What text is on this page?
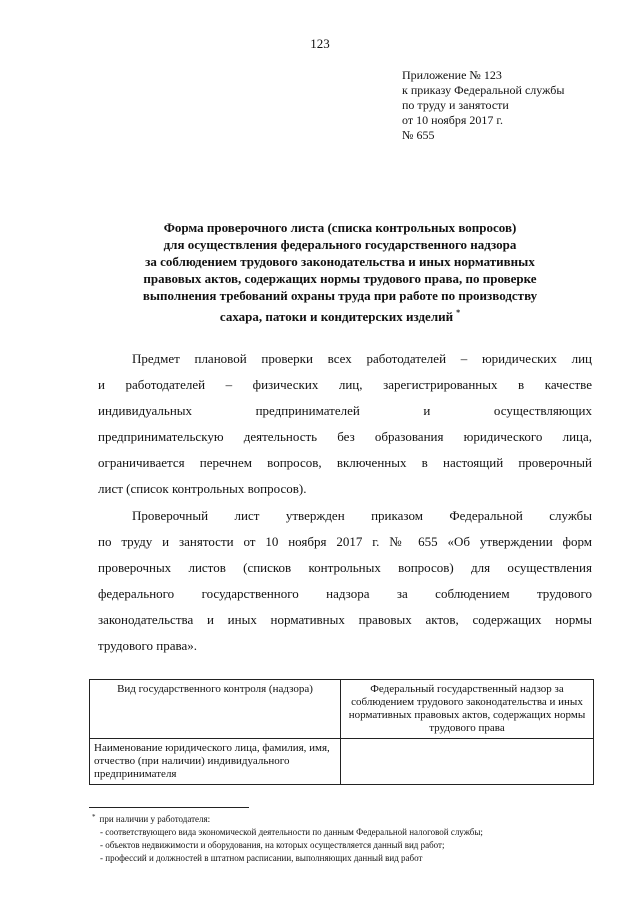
123
Приложение № 123
к приказу Федеральной службы
по труду и занятости
от 10 ноября 2017 г.
№ 655
Форма проверочного листа (списка контрольных вопросов)
для осуществления федерального государственного надзора
за соблюдением трудового законодательства и иных нормативных
правовых актов, содержащих нормы трудового права, по проверке
выполнения требований охраны труда при работе по производству
сахара, патоки и кондитерских изделий *
Предмет плановой проверки всех работодателей – юридических лиц
и работодателей – физических лиц, зарегистрированных в качестве
индивидуальных предпринимателей и осуществляющих
предпринимательскую деятельность без образования юридического лица,
ограничивается перечнем вопросов, включенных в настоящий проверочный
лист (список контрольных вопросов).
Проверочный лист утвержден приказом Федеральной службы
по труду и занятости от 10 ноября 2017 г. № 655 «Об утверждении форм
проверочных листов (списков контрольных вопросов) для осуществления
федерального государственного надзора за соблюдением трудового
законодательства и иных нормативных правовых актов, содержащих нормы
трудового права».
Вид государственного контроля (надзора)	Федеральный государственный надзор за соблюдением трудового законодательства и иных нормативных правовых актов, содержащих нормы трудового права
Наименование юридического лица, фамилия, имя, отчество (при наличии) индивидуального предпринимателя	
* при наличии у работодателя:
- соответствующего вида экономической деятельности по данным Федеральной налоговой службы;
- объектов недвижимости и оборудования, на которых осуществляется данный вид работ;
- профессий и должностей в штатном расписании, выполняющих данный вид работ
